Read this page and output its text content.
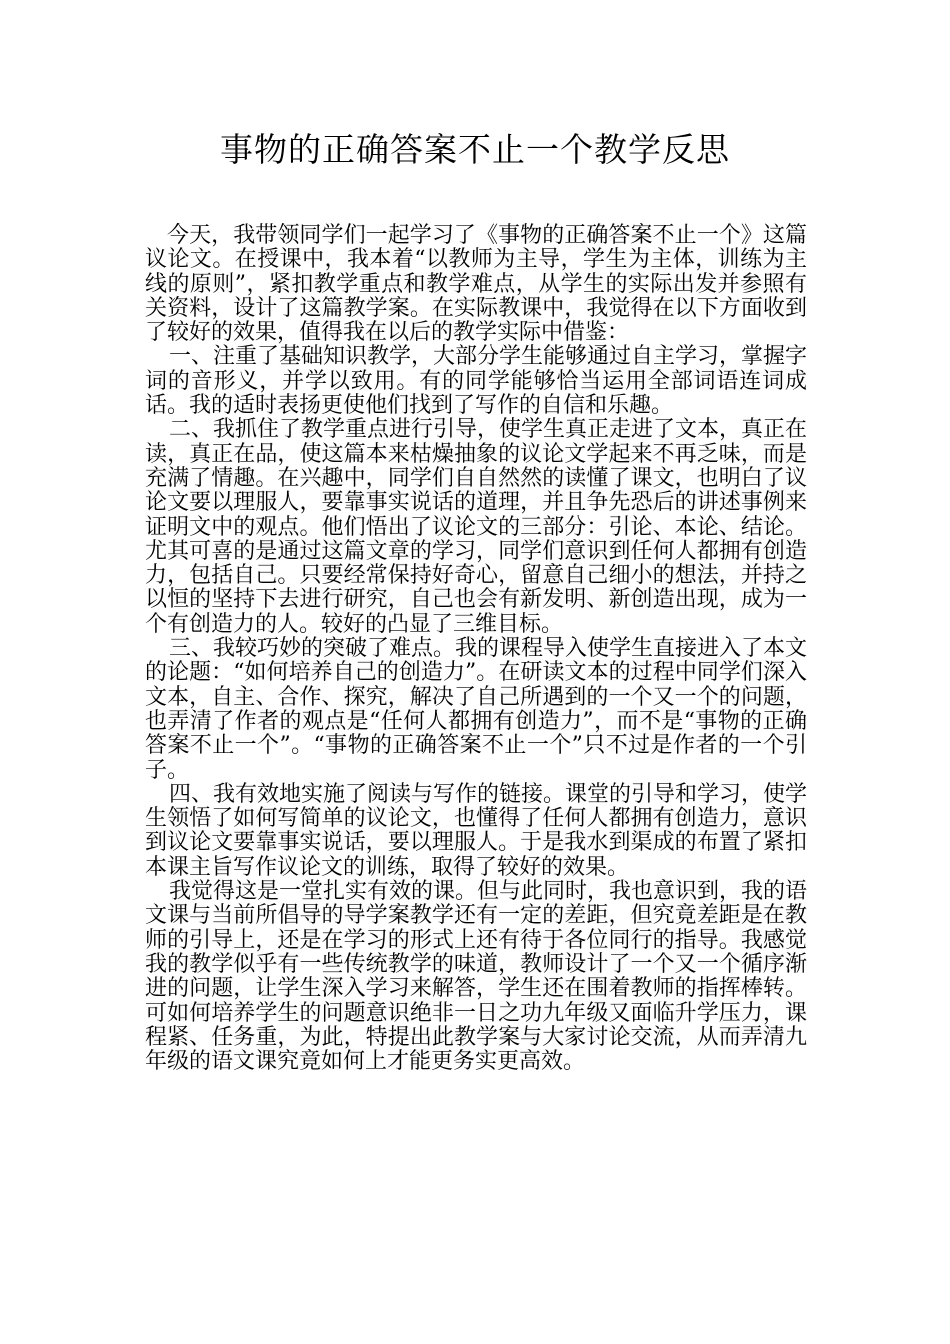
事物的正确答案不止一个教学反思

今天，我带领同学们一起学习了《事物的正确答案不止一个》这篇议论文。在授课中，我本着“以教师为主导，学生为主体，训练为主线的原则”，紧扣教学重点和教学难点，从学生的实际出发并参照有关资料，设计了这篇教学案。在实际教课中，我觉得在以下方面收到了较好的效果，值得我在以后的教学实际中借鉴：

一、注重了基础知识教学，大部分学生能够通过自主学习，掌握字词的音形义，并学以致用。有的同学能够恰当运用全部词语连词成话。我的适时表扬更使他们找到了写作的自信和乐趣。

二、我抓住了教学重点进行引导，使学生真正走进了文本，真正在读，真正在品，使这篇本来枯燥抽象的议论文学起来不再乏味，而是充满了情趣。在兴趣中，同学们自自然然的读懂了课文，也明白了议论文要以理服人，要靠事实说话的道理，并且争先恐后的讲述事例来证明文中的观点。他们悟出了议论文的三部分：引论、本论、结论。尤其可喜的是通过这篇文章的学习，同学们意识到任何人都拥有创造力，包括自己。只要经常保持好奇心，留意自己细小的想法，并持之以恒的坚持下去进行研究，自己也会有新发明、新创造出现，成为一个有创造力的人。较好的凸显了三维目标。

三、我较巧妙的突破了难点。我的课程导入使学生直接进入了本文的论题：“如何培养自己的创造力”。在研读文本的过程中同学们深入文本，自主、合作、探究，解决了自己所遇到的一个又一个的问题，也弄清了作者的观点是“任何人都拥有创造力”，而不是“事物的正确答案不止一个”。“事物的正确答案不止一个”只不过是作者的一个引子。

四、我有效地实施了阅读与写作的链接。课堂的引导和学习，使学生领悟了如何写简单的议论文，也懂得了任何人都拥有创造力，意识到议论文要靠事实说话，要以理服人。于是我水到渠成的布置了紧扣本课主旨写作议论文的训练，取得了较好的效果。

我觉得这是一堂扎实有效的课。但与此同时，我也意识到，我的语文课与当前所倡导的导学案教学还有一定的差距，但究竟差距是在教师的引导上，还是在学习的形式上还有待于各位同行的指导。我感觉我的教学似乎有一些传统教学的味道，教师设计了一个又一个循序渐进的问题，让学生深入学习来解答，学生还在围着教师的指挥棒转。可如何培养学生的问题意识绝非一日之功九年级又面临升学压力，课程紧、任务重，为此，特提出此教学案与大家讨论交流，从而弄清九年级的语文课究竟如何上才能更务实更高效。
